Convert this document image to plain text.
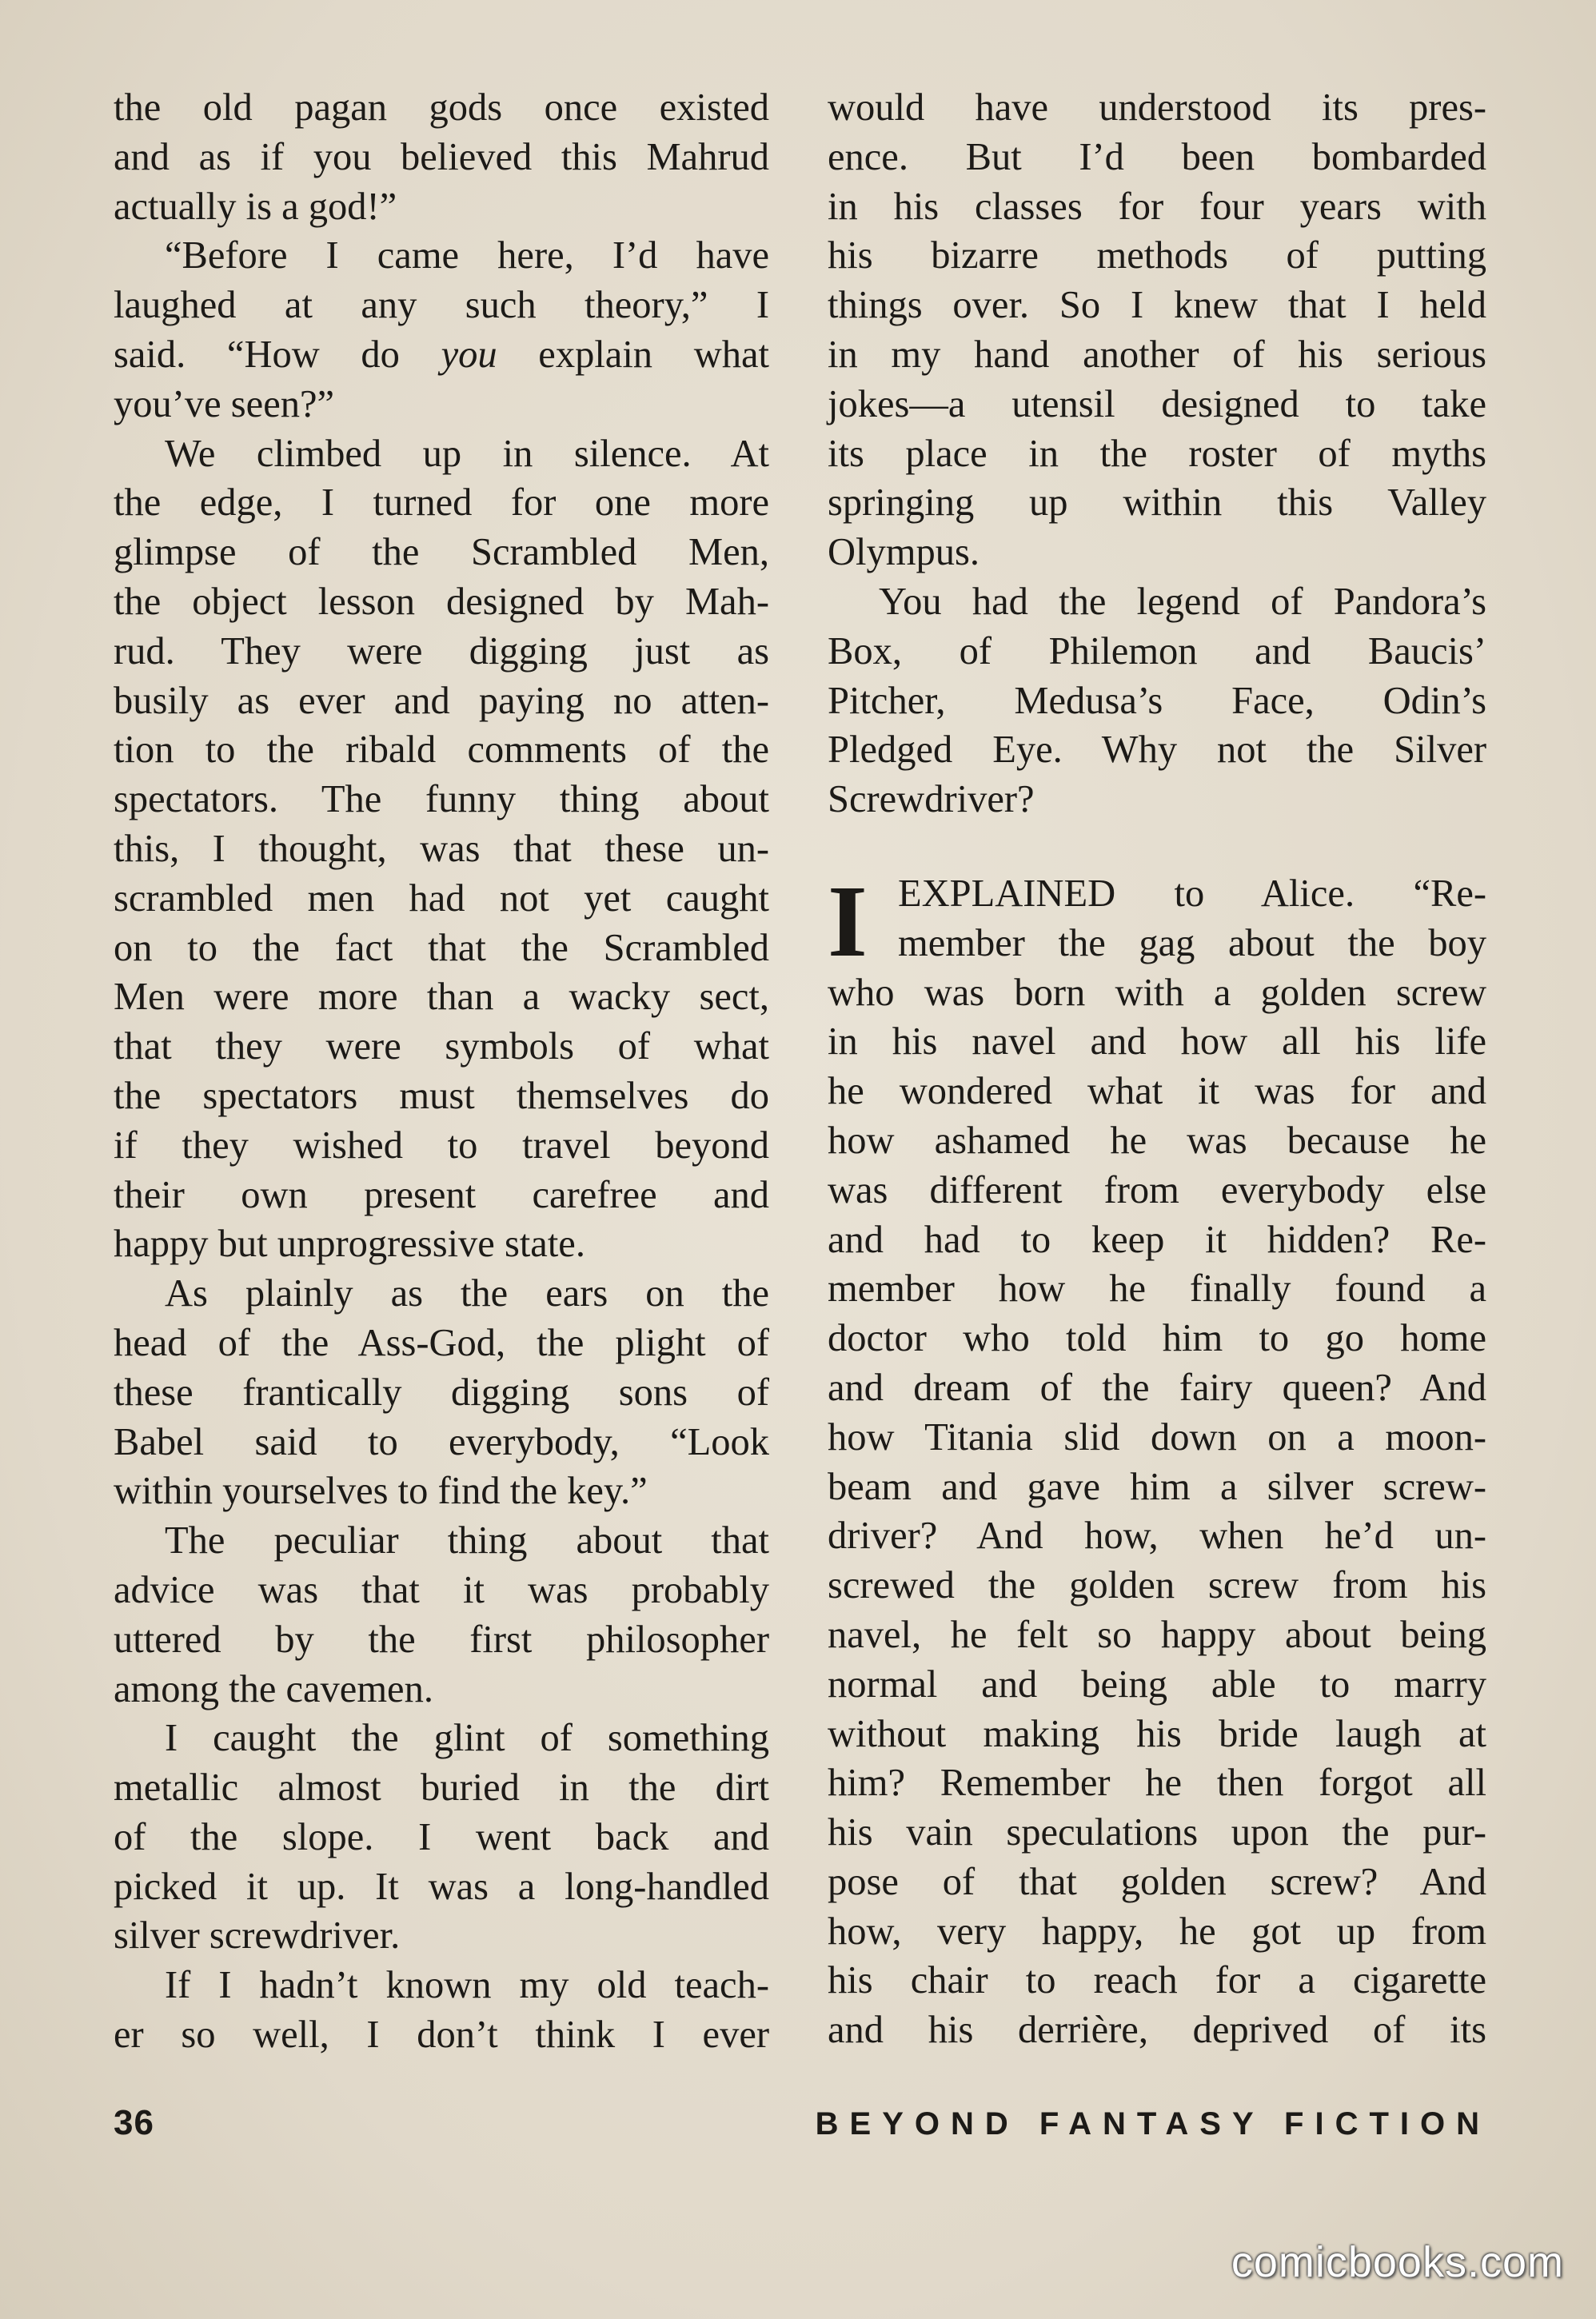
the old pagan gods once existed
and as if you believed this Mahrud
actually is a god!”
“Before I came here, I’d have
laughed at any such theory,” I
said. “How do you explain what
you’ve seen?”
We climbed up in silence. At
the edge, I turned for one more
glimpse of the Scrambled Men,
the object lesson designed by Mah-
rud. They were digging just as
busily as ever and paying no atten-
tion to the ribald comments of the
spectators. The funny thing about
this, I thought, was that these un-
scrambled men had not yet caught
on to the fact that the Scrambled
Men were more than a wacky sect,
that they were symbols of what
the spectators must themselves do
if they wished to travel beyond
their own present carefree and
happy but unprogressive state.
As plainly as the ears on the
head of the Ass-God, the plight of
these frantically digging sons of
Babel said to everybody, “Look
within yourselves to find the key.”
The peculiar thing about that
advice was that it was probably
uttered by the first philosopher
among the cavemen.
I caught the glint of something
metallic almost buried in the dirt
of the slope. I went back and
picked it up. It was a long-handled
silver screwdriver.
If I hadn’t known my old teach-
er so well, I don’t think I ever
would have understood its pres-
ence. But I’d been bombarded
in his classes for four years with
his bizarre methods of putting
things over. So I knew that I held
in my hand another of his serious
jokes—a utensil designed to take
its place in the roster of myths
springing up within this Valley
Olympus.
You had the legend of Pandora’s
Box, of Philemon and Baucis’
Pitcher, Medusa’s Face, Odin’s
Pledged Eye. Why not the Silver
Screwdriver?
I EXPLAINED to Alice. “Re-
member the gag about the boy
who was born with a golden screw
in his navel and how all his life
he wondered what it was for and
how ashamed he was because he
was different from everybody else
and had to keep it hidden? Re-
member how he finally found a
doctor who told him to go home
and dream of the fairy queen? And
how Titania slid down on a moon-
beam and gave him a silver screw-
driver? And how, when he’d un-
screwed the golden screw from his
navel, he felt so happy about being
normal and being able to marry
without making his bride laugh at
him? Remember he then forgot all
his vain speculations upon the pur-
pose of that golden screw? And
how, very happy, he got up from
his chair to reach for a cigarette
and his derrière, deprived of its
36	BEYOND FANTASY FICTION
comicbooks.com
